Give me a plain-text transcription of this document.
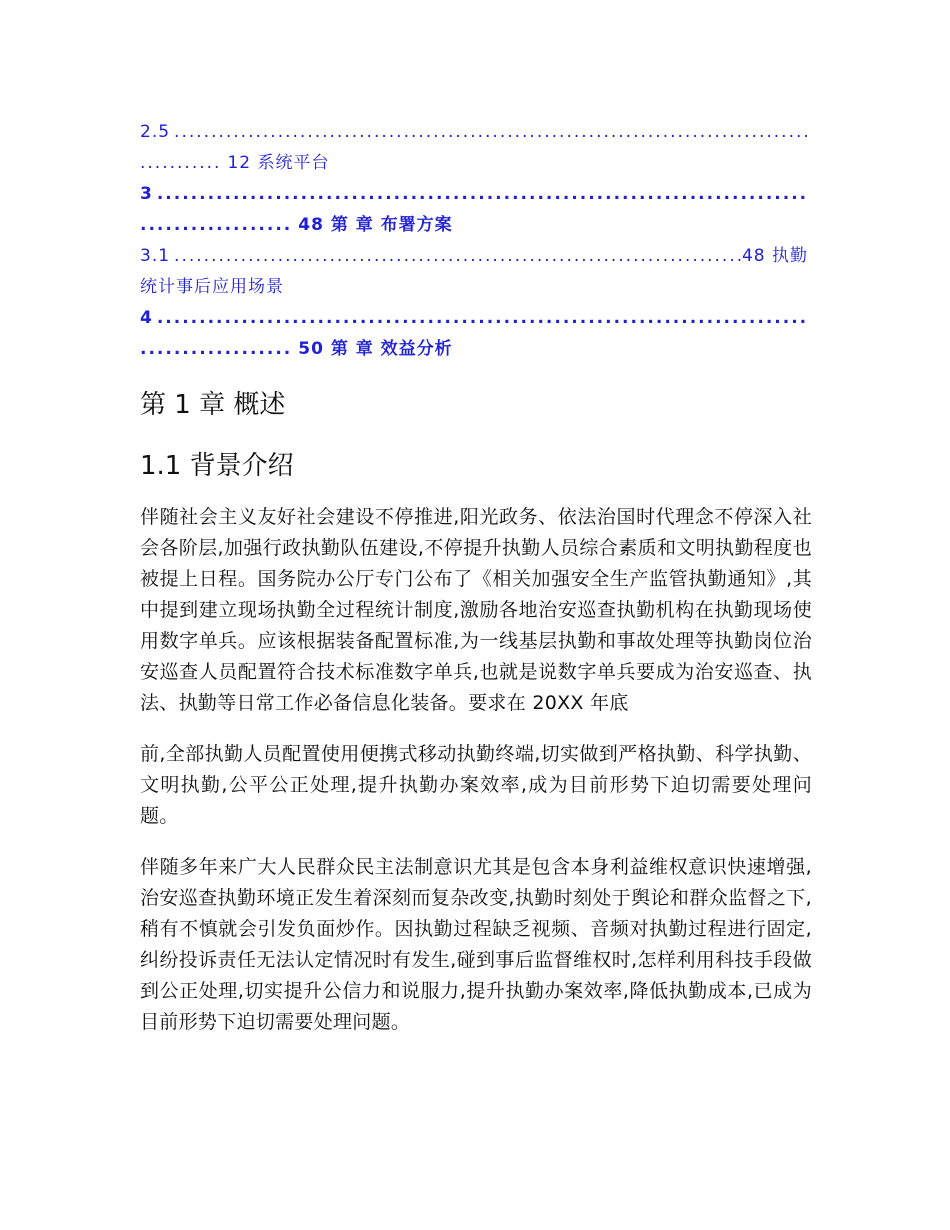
2.5
.....
........... 12 系统平台
3
.....
.................. 48 第 章 布署方案
3.1
.....	48
执勤
统计事后应用场景
4
.....
.................. 50 第 章 效益分析
第 1 章 概述
1.1 背景介绍

伴随社会主义友好社会建设不停推进,阳光政务、依法治国时代理念不停深入社会各阶层,加强行政执勤队伍建设,不停提升执勤人员综合素质和文明执勤程度也被提上日程。国务院办公厅专门公布了《相关加强安全生产监管执勤通知》,其中提到建立现场执勤全过程统计制度,激励各地治安巡查执勤机构在执勤现场使用数字单兵。应该根据装备配置标准,为一线基层执勤和事故处理等执勤岗位治安巡查人员配置符合技术标准数字单兵,也就是说数字单兵要成为治安巡查、执法、执勤等日常工作必备信息化装备。要求在 20XX 年底

前,全部执勤人员配置使用便携式移动执勤终端,切实做到严格执勤、科学执勤、文明执勤,公平公正处理,提升执勤办案效率,成为目前形势下迫切需要处理问题。

伴随多年来广大人民群众民主法制意识尤其是包含本身利益维权意识快速增强,治安巡查执勤环境正发生着深刻而复杂改变,执勤时刻处于舆论和群众监督之下,稍有不慎就会引发负面炒作。因执勤过程缺乏视频、音频对执勤过程进行固定,纠纷投诉责任无法认定情况时有发生,碰到事后监督维权时,怎样利用科技手段做到公正处理,切实提升公信力和说服力,提升执勤办案效率,降低执勤成本,已成为目前形势下迫切需要处理问题。
